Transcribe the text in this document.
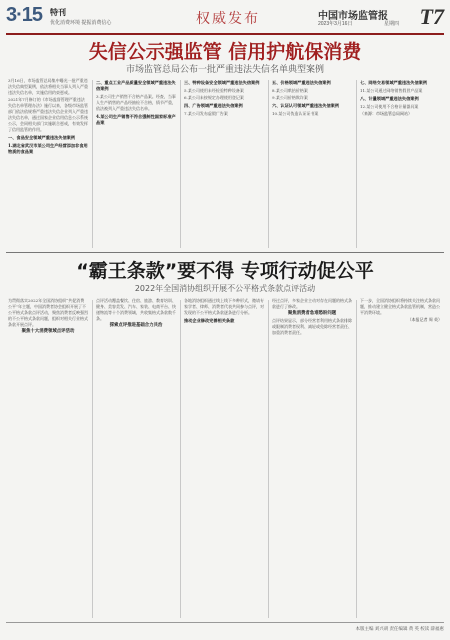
3·15 特刊
优化消费环境 提振消费信心	权威发布	中国市场监管报
2023年3月16日	星期四 T7
失信公示强监管 信用护航保消费
市场监管总局公布一批严重违法失信名单典型案例

3月16日，市场监管总局集中曝光一批严重违法失信典型案例，依法将相关当事人列入严重违法失信名单，实施信用约束惩戒。

2021年7月修订的《市场监督管理严重违法失信名单管理办法》施行以来，各级市场监管部门依法依规将严重违法失信企业列入严重违法失信名单，通过国家企业信用信息公示系统公示，会同相关部门实施联合惩戒，有效发挥了信用监管的作用。

一、食品安全领域严重违法失信案例

1.湖北省武汉市某公司生产经营添加非食用物质的食品案

二、重点工业产品质量安全领域严重违法失信案例

3.某公司生产销售不合格产品案。经查，当事人生产销售的产品经抽检不合格，情节严重，依法被列入严重违法失信名单。

4.某公司生产销售不符合强制性国家标准产品案

三、特种设备安全领域严重违法失信案例

5.某公司使用未经检验特种设备案

6.某公司未按规定办理使用登记案

四、广告领域严重违法失信案例

7.某公司发布虚假广告案

五、价格领域严重违法失信案例

8.某公司哄抬价格案

9.某公司价格欺诈案

六、认证认可领域严重违法失信案例

10.某公司伪造认证证书案

七、网络交易领域严重违法失信案例

11.某公司通过网络销售假冒产品案

八、计量领域严重违法失信案例

12.某公司使用不合格计量器具案

（来源：市场监管总局网站）

“霸王条款”要不得 专项行动促公平
2022年全国消协组织开展不公平格式条款点评活动

为贯彻落实2022年全国消协组织“共促消费公平”年主题，中国消费者协会组织开展了不公平格式条款点评活动，聚焦消费者反映强烈的不公平格式条款问题，组织对相关行业格式条款开展点评。

聚焦十大消费领域点评活动

点评活动覆盖餐饮、住宿、旅游、教育培训、健身、美容美发、汽车、家装、电商平台、快递物流等十个消费领域，共收集格式条款数千条。

探索点评推进基础合力共治

各地消协组织通过线上线下多种形式，邀请专家学者、律师、消费者代表共同参与点评，对发现的不公平格式条款逐条进行分析。

推动企业修改完善相关条款

经过点评，多家企业主动对存在问题的格式条款进行了修改。

聚焦消费者急难愁盼问题

点评结果显示，部分经营者利用格式条款排除或限制消费者权利、减轻或免除经营者责任、加重消费者责任。

下一步，全国消协组织将持续关注格式条款问题，推动建立健全格式条款监管机制，营造公平消费环境。

（本报记者 周 英）

本版主编 刘兴胡 责任编辑 黄 英 校读 薛福惠
